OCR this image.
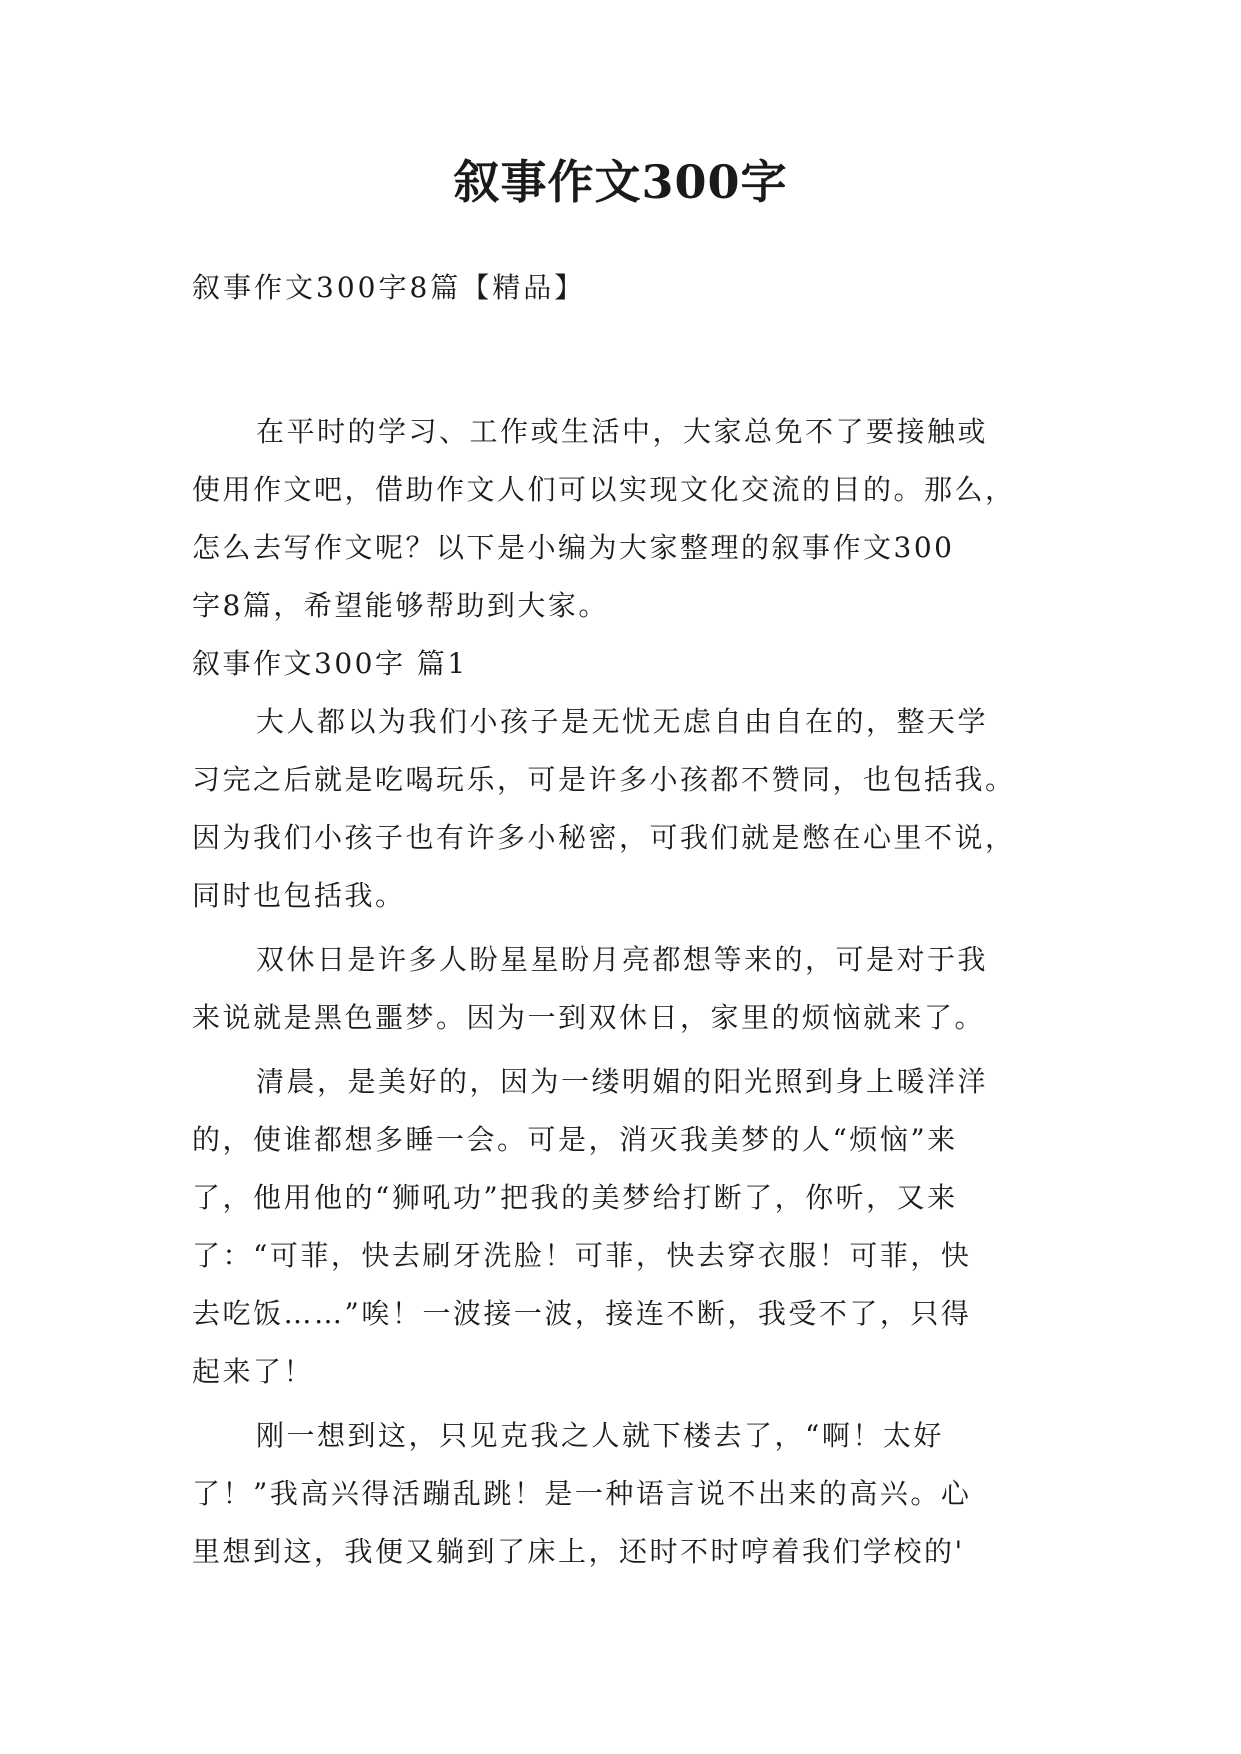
叙事作文300字
叙事作文300字8篇【精品】
在平时的学习、工作或生活中，大家总免不了要接触或
使用作文吧，借助作文人们可以实现文化交流的目的。那么，
怎么去写作文呢？以下是小编为大家整理的叙事作文300
字8篇，希望能够帮助到大家。
叙事作文300字 篇1
大人都以为我们小孩子是无忧无虑自由自在的，整天学
习完之后就是吃喝玩乐，可是许多小孩都不赞同，也包括我。
因为我们小孩子也有许多小秘密，可我们就是憋在心里不说，
同时也包括我。
双休日是许多人盼星星盼月亮都想等来的，可是对于我
来说就是黑色噩梦。因为一到双休日，家里的烦恼就来了。
清晨，是美好的，因为一缕明媚的阳光照到身上暖洋洋
的，使谁都想多睡一会。可是，消灭我美梦的人“烦恼”来
了，他用他的“狮吼功”把我的美梦给打断了，你听，又来
了：“可菲，快去刷牙洗脸！可菲，快去穿衣服！可菲，快
去吃饭……”唉！一波接一波，接连不断，我受不了，只得
起来了！
刚一想到这，只见克我之人就下楼去了，“啊！太好
了！”我高兴得活蹦乱跳！是一种语言说不出来的高兴。心
里想到这，我便又躺到了床上，还时不时哼着我们学校的'
